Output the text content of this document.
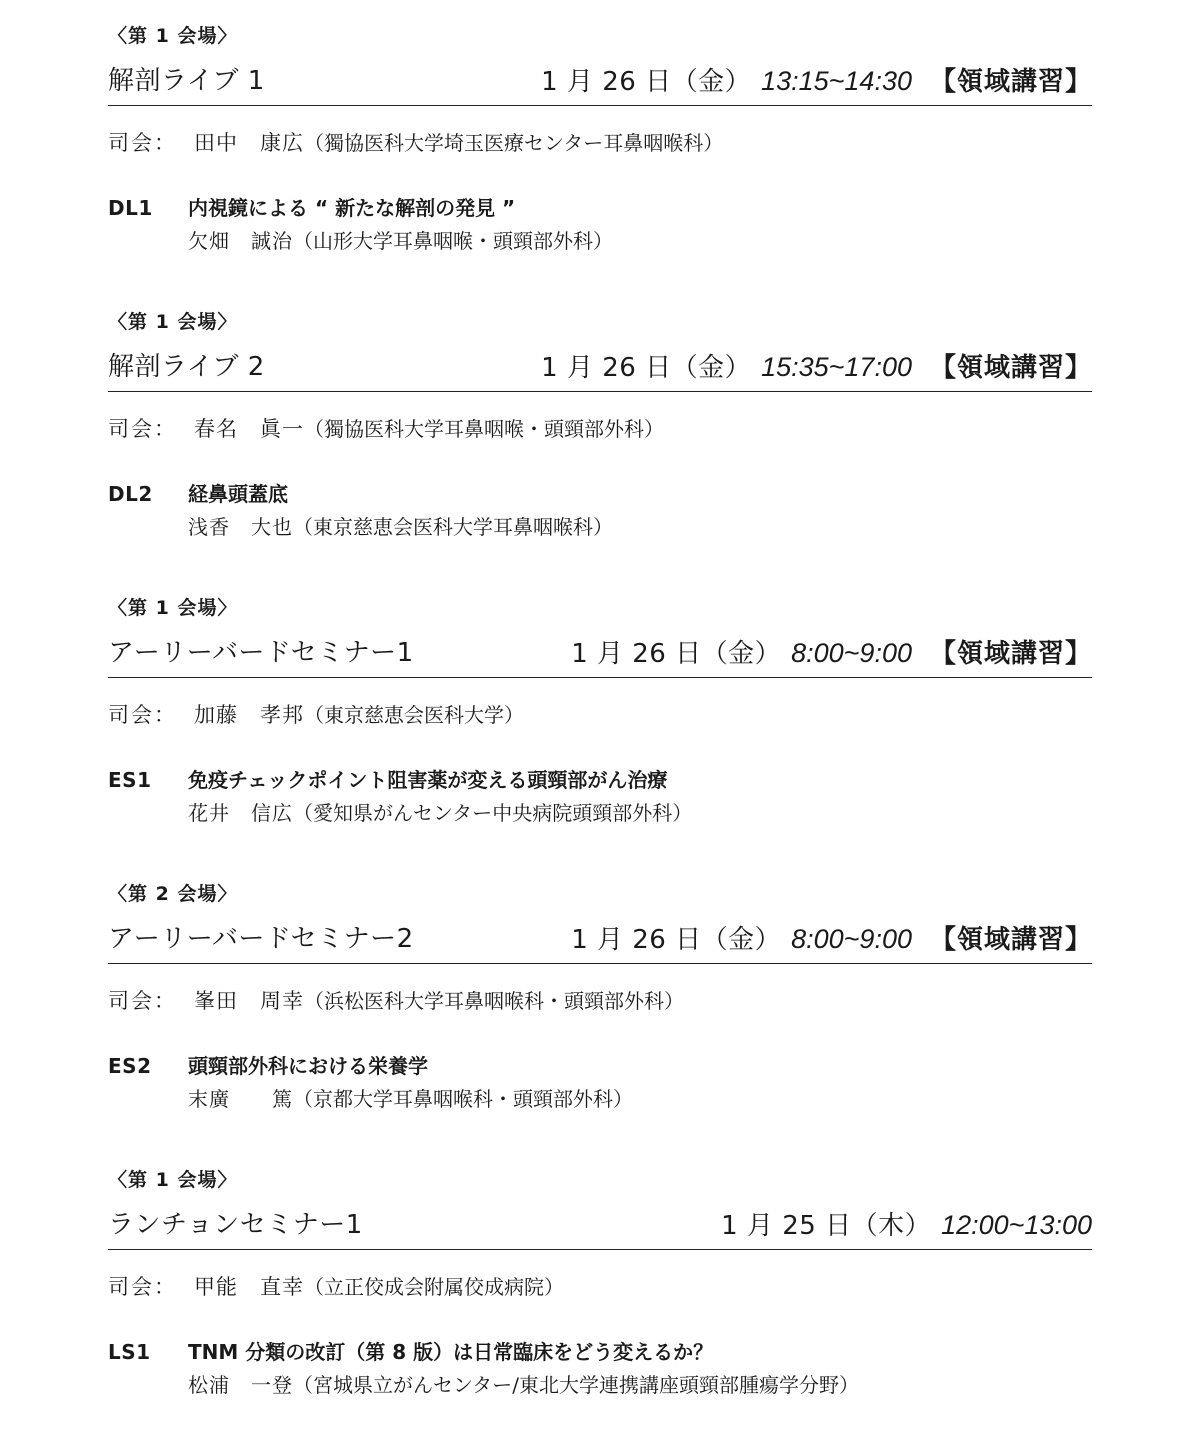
〈第 1 会場〉
解剖ライブ 1	1 月 26 日（金） 13:15~14:30 【領域講習】
司会： 田中　康広（獨協医科大学埼玉医療センター耳鼻咽喉科）
DL1 内視鏡による “ 新たな解剖の発見 ”
欠畑　誠治（山形大学耳鼻咽喉・頭頸部外科）
〈第 1 会場〉
解剖ライブ 2	1 月 26 日（金） 15:35~17:00 【領域講習】
司会： 春名　眞一（獨協医科大学耳鼻咽喉・頭頸部外科）
DL2 経鼻頭蓋底
浅香　大也（東京慈恵会医科大学耳鼻咽喉科）
〈第 1 会場〉
アーリーバードセミナー1	1 月 26 日（金） 8:00~9:00 【領域講習】
司会： 加藤　孝邦（東京慈恵会医科大学）
ES1 免疫チェックポイント阻害薬が変える頭頸部がん治療
花井　信広（愛知県がんセンター中央病院頭頸部外科）
〈第 2 会場〉
アーリーバードセミナー2	1 月 26 日（金） 8:00~9:00 【領域講習】
司会： 峯田　周幸（浜松医科大学耳鼻咽喉科・頭頸部外科）
ES2 頭頸部外科における栄養学
末廣　　篤（京都大学耳鼻咽喉科・頭頸部外科）
〈第 1 会場〉
ランチョンセミナー1	1 月 25 日（木） 12:00~13:00
司会： 甲能　直幸（立正佼成会附属佼成病院）
LS1 TNM 分類の改訂（第 8 版）は日常臨床をどう変えるか？
松浦　一登（宮城県立がんセンター/東北大学連携講座頭頸部腫瘍学分野）
